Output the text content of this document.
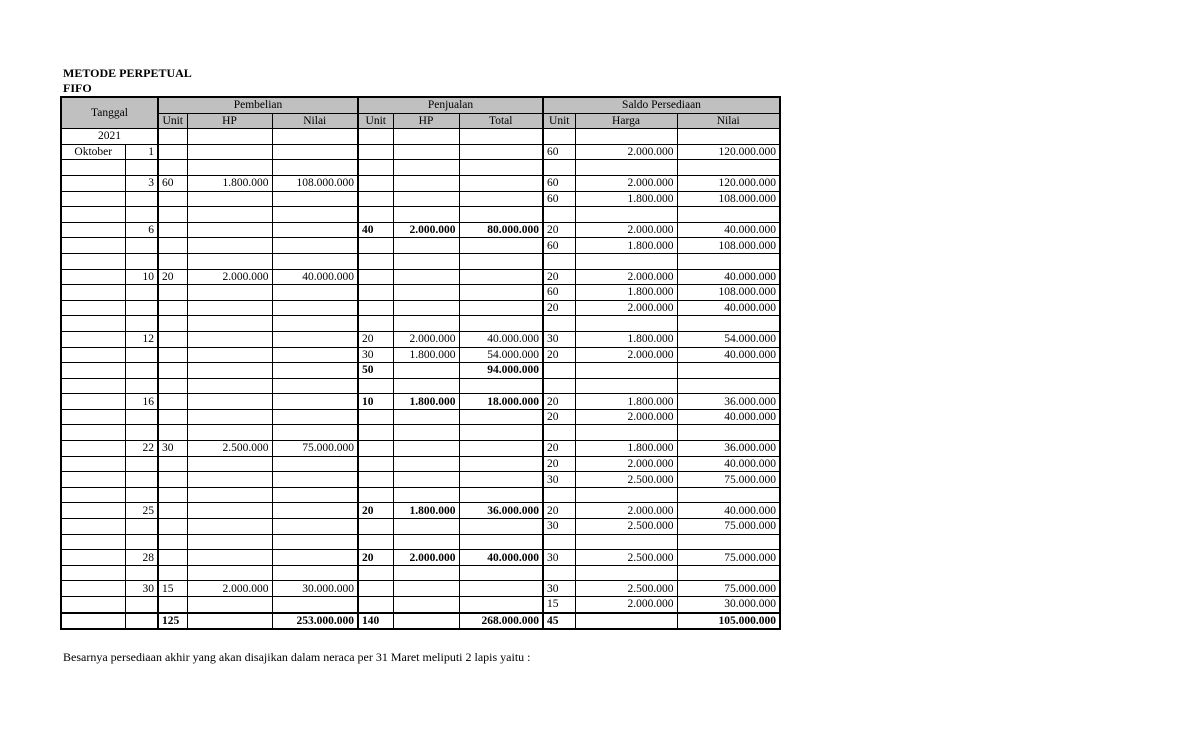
METODE PERPETUAL
FIFO
Tanggal		Pembelian			Penjualan			Saldo Persediaan		
		Unit	HP	Nilai	Unit	HP	Total	Unit	Harga	Nilai
2021										
Oktober	1							60	2.000.000	120.000.000

	3	60	1.800.000	108.000.000				60	2.000.000	120.000.000
								60	1.800.000	108.000.000

	6				40	2.000.000	80.000.000	20	2.000.000	40.000.000
								60	1.800.000	108.000.000

	10	20	2.000.000	40.000.000				20	2.000.000	40.000.000
								60	1.800.000	108.000.000
								20	2.000.000	40.000.000

	12				20	2.000.000	40.000.000	30	1.800.000	54.000.000
					30	1.800.000	54.000.000	20	2.000.000	40.000.000
					50		94.000.000			

	16				10	1.800.000	18.000.000	20	1.800.000	36.000.000
								20	2.000.000	40.000.000

	22	30	2.500.000	75.000.000				20	1.800.000	36.000.000
								20	2.000.000	40.000.000
								30	2.500.000	75.000.000

	25				20	1.800.000	36.000.000	20	2.000.000	40.000.000
								30	2.500.000	75.000.000

	28				20	2.000.000	40.000.000	30	2.500.000	75.000.000

	30	15	2.000.000	30.000.000				30	2.500.000	75.000.000
								15	2.000.000	30.000.000
		125		253.000.000	140		268.000.000	45		105.000.000
Besarnya persediaan akhir yang akan disajikan dalam neraca per 31 Maret meliputi 2 lapis yaitu :
